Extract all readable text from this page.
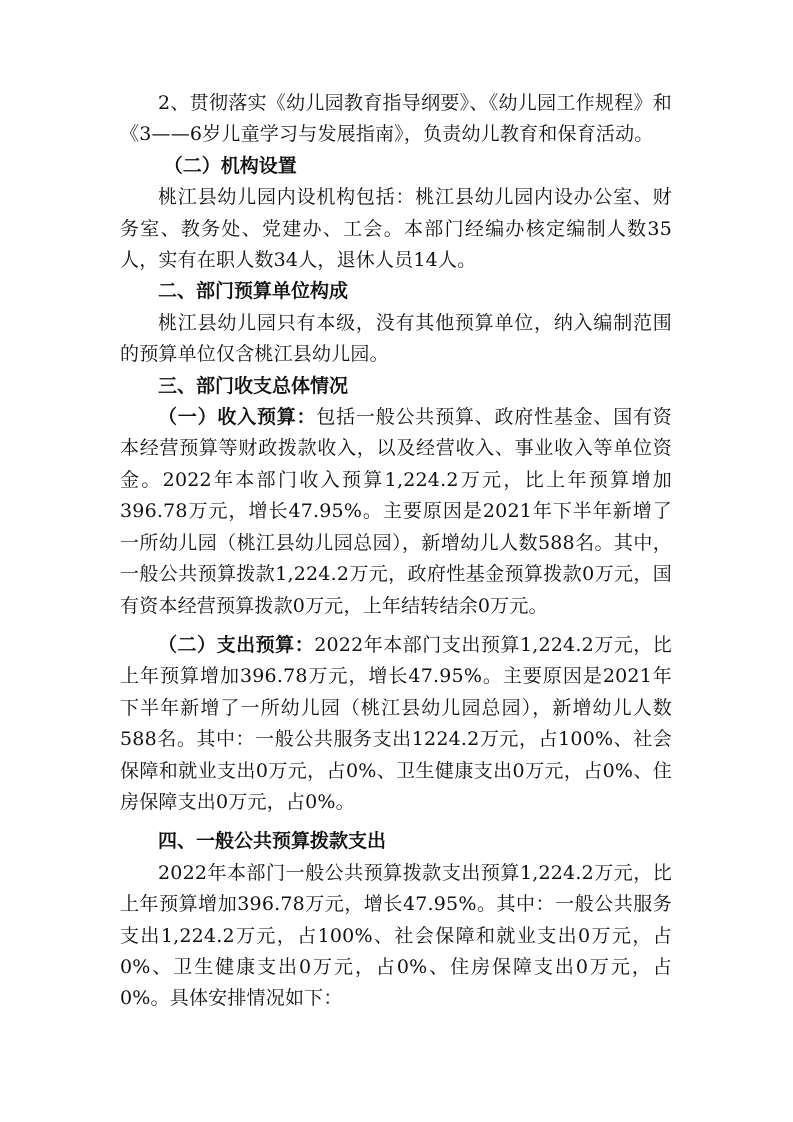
2、贯彻落实《幼儿园教育指导纲要》、《幼儿园工作规程》和《3——6岁儿童学习与发展指南》，负责幼儿教育和保育活动。

（二）机构设置

桃江县幼儿园内设机构包括：桃江县幼儿园内设办公室、财务室、教务处、党建办、工会。本部门经编办核定编制人数35人，实有在职人数34人，退休人员14人。

二、部门预算单位构成

桃江县幼儿园只有本级，没有其他预算单位，纳入编制范围的预算单位仅含桃江县幼儿园。

三、部门收支总体情况

（一）收入预算：包括一般公共预算、政府性基金、国有资本经营预算等财政拨款收入，以及经营收入、事业收入等单位资金。2022年本部门收入预算1,224.2万元，比上年预算增加396.78万元，增长47.95%。主要原因是2021年下半年新增了一所幼儿园（桃江县幼儿园总园），新增幼儿人数588名。其中，一般公共预算拨款1,224.2万元，政府性基金预算拨款0万元，国有资本经营预算拨款0万元，上年结转结余0万元。

（二）支出预算：2022年本部门支出预算1,224.2万元，比上年预算增加396.78万元，增长47.95%。主要原因是2021年下半年新增了一所幼儿园（桃江县幼儿园总园），新增幼儿人数588名。其中：一般公共服务支出1224.2万元，占100%、社会保障和就业支出0万元，占0%、卫生健康支出0万元，占0%、住房保障支出0万元，占0%。

四、一般公共预算拨款支出

2022年本部门一般公共预算拨款支出预算1,224.2万元，比上年预算增加396.78万元，增长47.95%。其中：一般公共服务支出1,224.2万元，占100%、社会保障和就业支出0万元，占0%、卫生健康支出0万元，占0%、住房保障支出0万元，占0%。具体安排情况如下：
